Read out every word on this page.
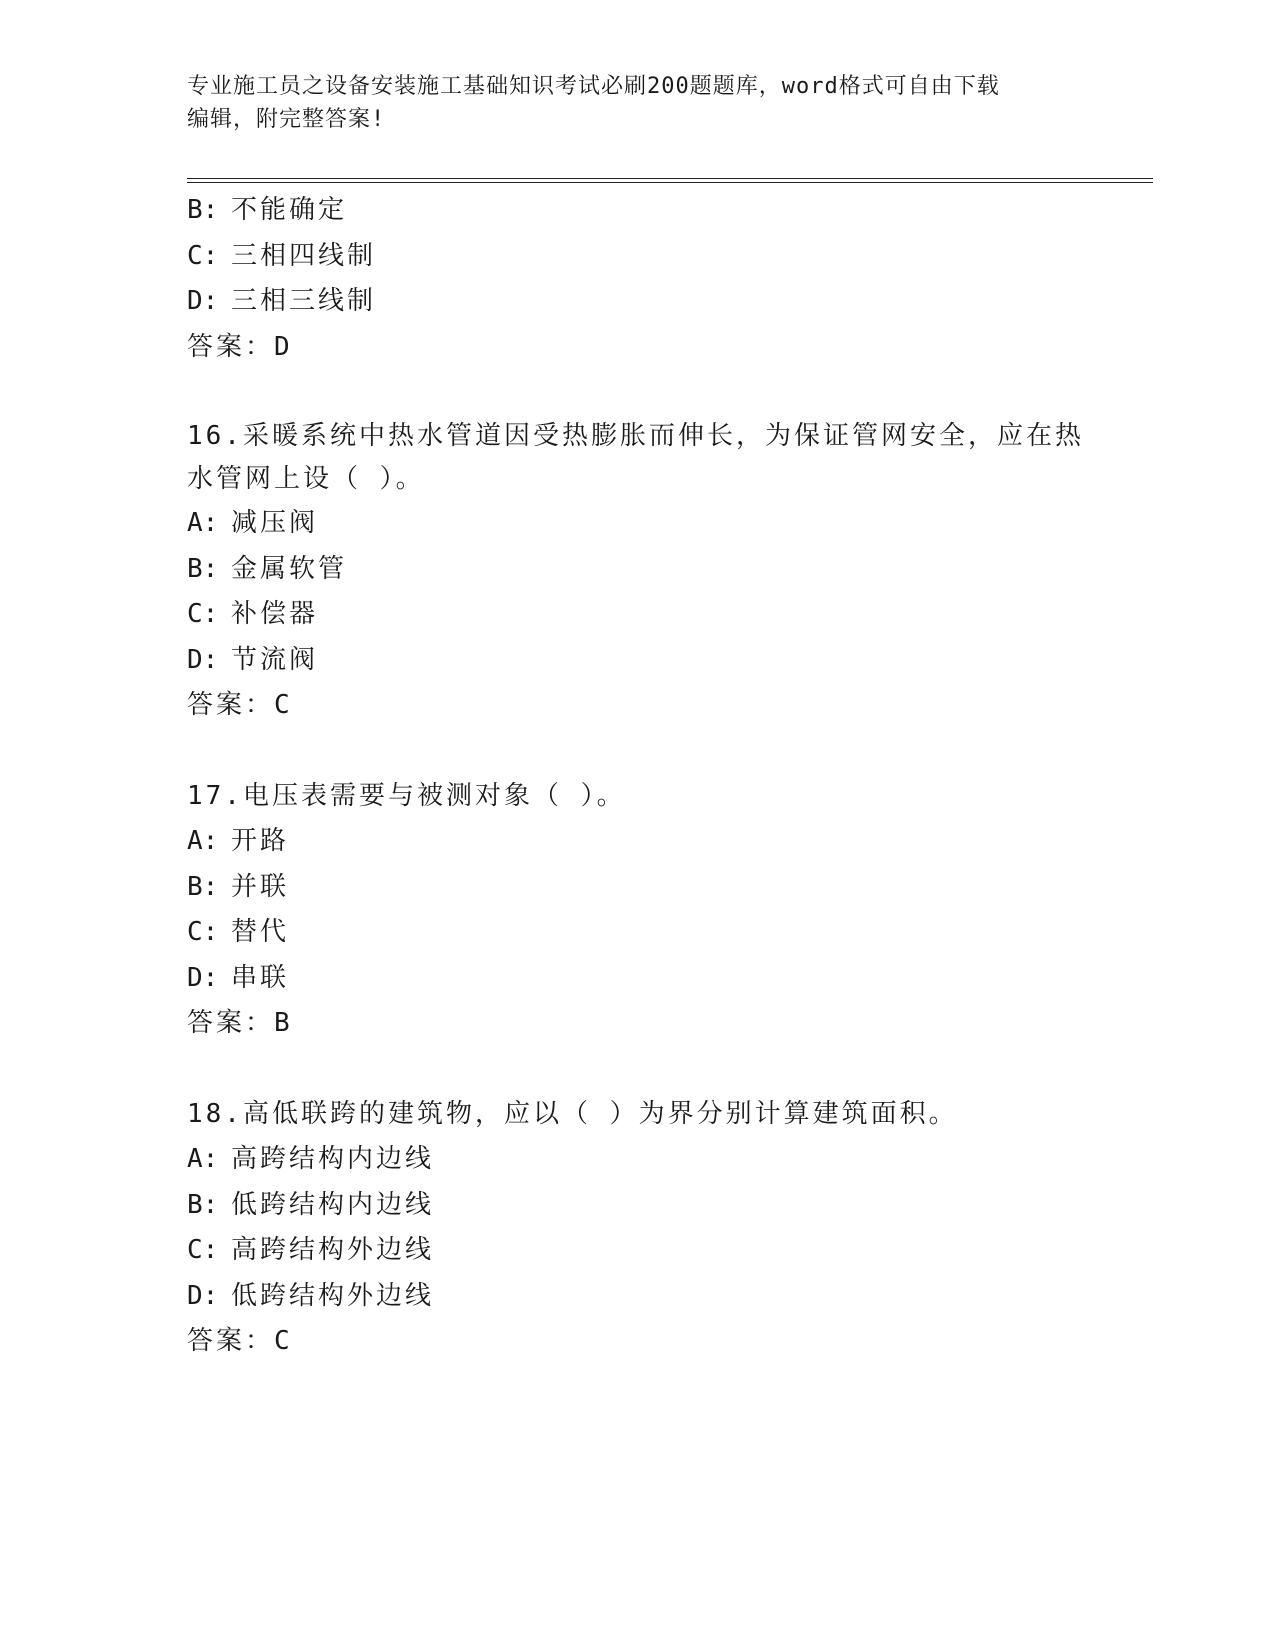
专业施工员之设备安装施工基础知识考试必刷200题题库，word格式可自由下载
编辑，附完整答案!
B: 不能确定
C: 三相四线制
D: 三相三线制
答案：D
16.采暖系统中热水管道因受热膨胀而伸长，为保证管网安全，应在热
水管网上设（ ）。
A: 减压阀
B: 金属软管
C: 补偿器
D: 节流阀
答案：C
17.电压表需要与被测对象（ ）。
A: 开路
B: 并联
C: 替代
D: 串联
答案：B
18.高低联跨的建筑物，应以（ ）为界分别计算建筑面积。
A: 高跨结构内边线
B: 低跨结构内边线
C: 高跨结构外边线
D: 低跨结构外边线
答案：C
